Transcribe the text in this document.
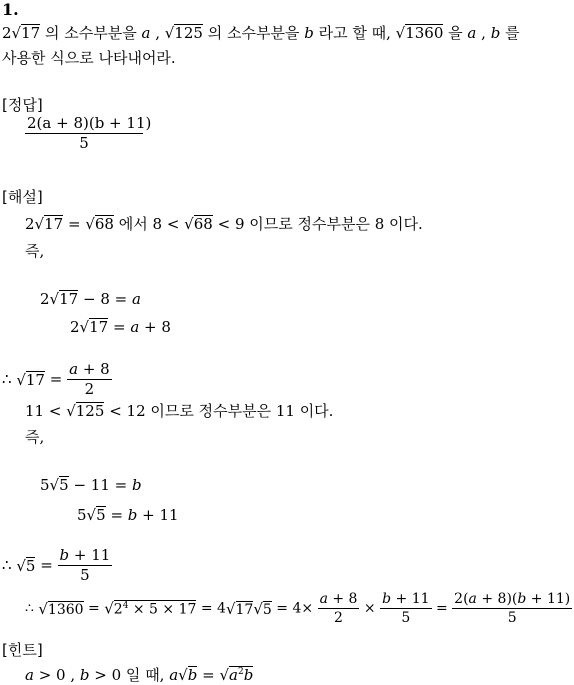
1.
2√17 의 소수부분을 a , √125 의 소수부분을 b 라고 할 때, √1360 을 a , b 를
사용한 식으로 나타내어라.
[정답]
$\frac{2(a + 8)(b + 11)}{5}$
[해설]
2√17 = √68 에서 8 < √68 < 9 이므로 정수부분은 8 이다.
즉,
2√17 − 8 = a
2√17 = a + 8
∴ $√17 = \frac{a + 8}{2}$
11 < √125 < 12 이므로 정수부분은 11 이다.
즉,
5√5 − 11 = b
5√5 = b + 11
∴ $√5 = \frac{b + 11}{5}$
∴ $√1360 = √2^4 \times 5 \times 17 = 4√17√5 = 4\times \frac{a + 8}{2} \times \frac{b + 11}{5} = \frac{2(a + 8)(b + 11)}{5}$
[힌트]
a > 0 , b > 0 일 때, $a√b = √a^2b$
